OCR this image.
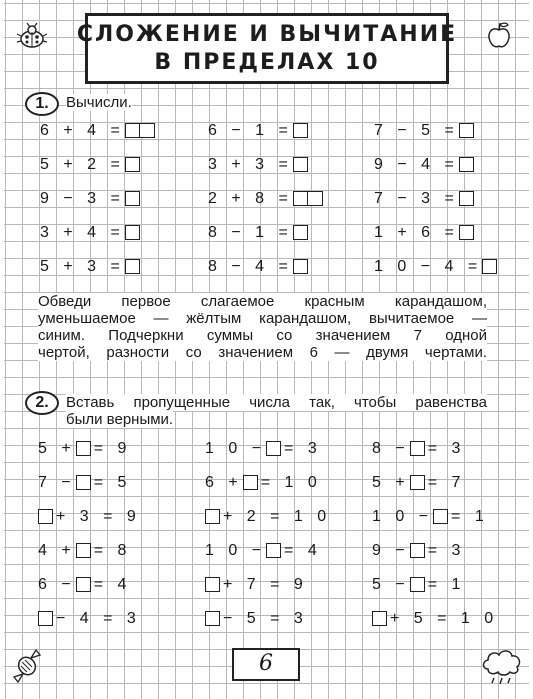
СЛОЖЕНИЕ И ВЫЧИТАНИЕ
В ПРЕДЕЛАХ 10
1.	Вычисли.
6 + 4 =	6 − 1 =	7 − 5 =
5 + 2 =	3 + 3 =	9 − 4 =
9 − 3 =	2 + 8 =	7 − 3 =
3 + 4 =	8 − 1 =	1 + 6 =
5 + 3 =	8 − 4 =	1 0 − 4 =
Обведи первое слагаемое красным карандашом,
уменьшаемое — жёлтым карандашом, вычитаемое —
синим. Подчеркни суммы со значением 7 одной
чертой, разности со значением 6 — двумя чертами.
2.	Вставь пропущенные числа так, чтобы равенства
были верными.
5 + = 9	1 0 − = 3	8 − = 3
7 − = 5	6 + = 1 0	5 + = 7
+ 3 = 9	+ 2 = 1 0	1 0 − = 1
4 + = 8	1 0 − = 4	9 − = 3
6 − = 4	+ 7 = 9	5 − = 1
− 4 = 3	− 5 = 3	+ 5 = 1 0
6
